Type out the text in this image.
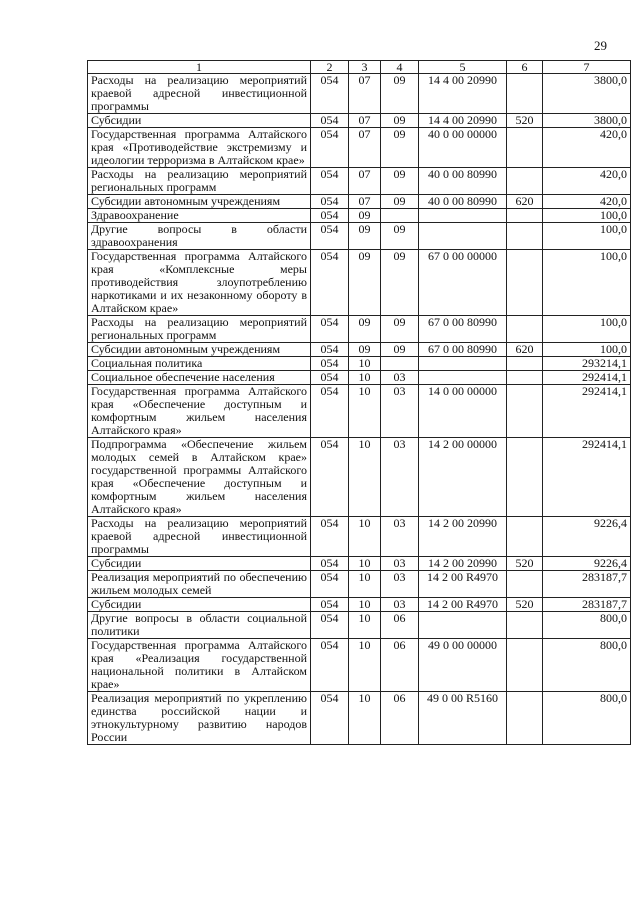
29
1	2	3	4	5	6	7
Расходы на реализацию мероприятий краевой адресной инвестиционной программы	054	07	09	14 4 00 20990		3800,0
Субсидии	054	07	09	14 4 00 20990	520	3800,0
Государственная программа Алтайского края «Противодействие экстремизму и идеологии терроризма в Алтайском крае»	054	07	09	40 0 00 00000		420,0
Расходы на реализацию мероприятий региональных программ	054	07	09	40 0 00 80990		420,0
Субсидии автономным учреждениям	054	07	09	40 0 00 80990	620	420,0
Здравоохранение	054	09				100,0
Другие вопросы в области здравоохранения	054	09	09			100,0
Государственная программа Алтайского края «Комплексные меры противодействия злоупотреблению наркотиками и их незаконному обороту в Алтайском крае»	054	09	09	67 0 00 00000		100,0
Расходы на реализацию мероприятий региональных программ	054	09	09	67 0 00 80990		100,0
Субсидии автономным учреждениям	054	09	09	67 0 00 80990	620	100,0
Социальная политика	054	10				293214,1
Социальное обеспечение населения	054	10	03			292414,1
Государственная программа Алтайского края «Обеспечение доступным и комфортным жильем населения Алтайского края»	054	10	03	14 0 00 00000		292414,1
Подпрограмма «Обеспечение жильем молодых семей в Алтайском крае» государственной программы Алтайского края «Обеспечение доступным и комфортным жильем населения Алтайского края»	054	10	03	14 2 00 00000		292414,1
Расходы на реализацию мероприятий краевой адресной инвестиционной программы	054	10	03	14 2 00 20990		9226,4
Субсидии	054	10	03	14 2 00 20990	520	9226,4
Реализация мероприятий по обеспечению жильем молодых семей	054	10	03	14 2 00 R4970		283187,7
Субсидии	054	10	03	14 2 00 R4970	520	283187,7
Другие вопросы в области социальной политики	054	10	06			800,0
Государственная программа Алтайского края «Реализация государственной национальной политики в Алтайском крае»	054	10	06	49 0 00 00000		800,0
Реализация мероприятий по укреплению единства российской нации и этнокультурному развитию народов России	054	10	06	49 0 00 R5160		800,0
